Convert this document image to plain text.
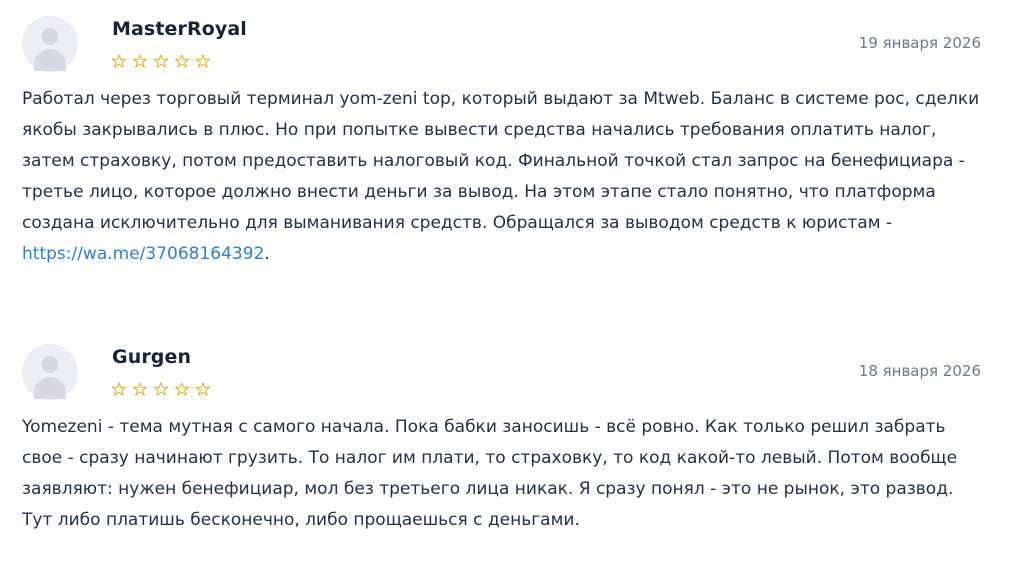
MasterRoyal
19 января 2026
Работал через торговый терминал yom-zeni top, который выдают за Mtweb. Баланс в системе рос, сделки якобы закрывались в плюс. Но при попытке вывести средства начались требования оплатить налог, затем страховку, потом предоставить налоговый код. Финальной точкой стал запрос на бенефициара - третье лицо, которое должно внести деньги за вывод. На этом этапе стало понятно, что платформа создана исключительно для выманивания средств. Обращался за выводом средств к юристам - https://wa.me/37068164392.
Gurgen
18 января 2026
Yomezeni - тема мутная с самого начала. Пока бабки заносишь - всё ровно. Как только решил забрать свое - сразу начинают грузить. То налог им плати, то страховку, то код какой-то левый. Потом вообще заявляют: нужен бенефициар, мол без третьего лица никак. Я сразу понял - это не рынок, это развод. Тут либо платишь бесконечно, либо прощаешься с деньгами.
